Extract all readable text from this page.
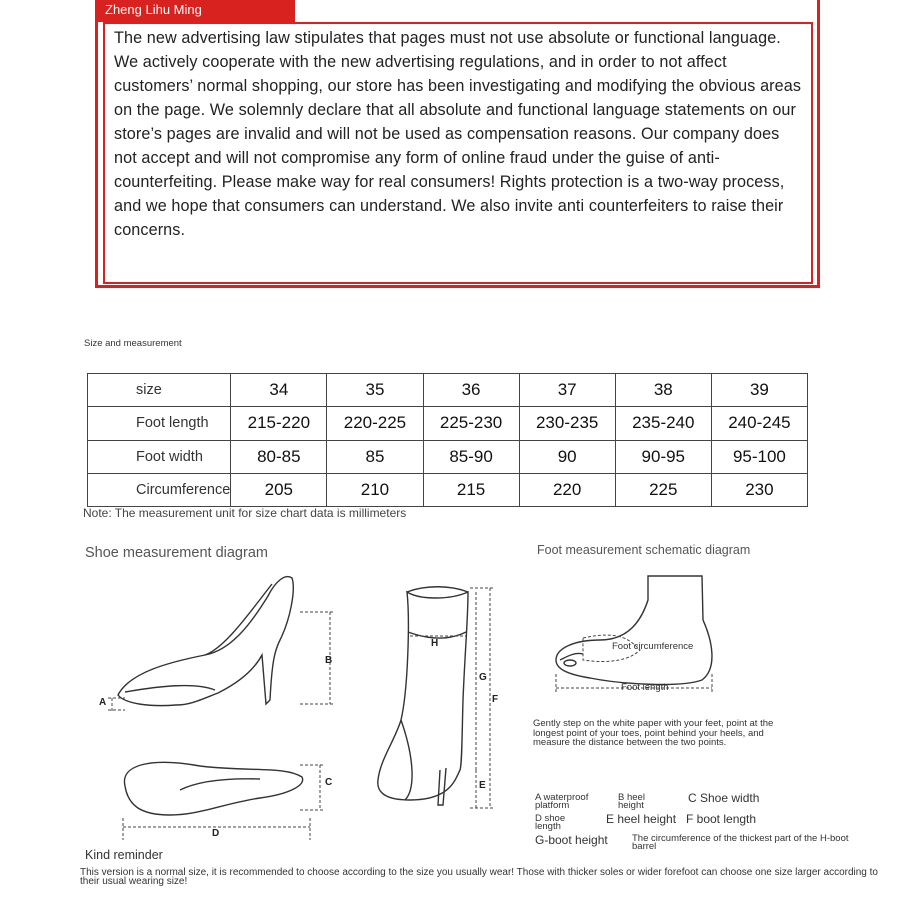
Zheng Lihu Ming
The new advertising law stipulates that pages must not use absolute or functional language. We actively cooperate with the new advertising regulations, and in order to not affect customers’ normal shopping, our store has been investigating and modifying the obvious areas on the page. We solemnly declare that all absolute and functional language statements on our store’s pages are invalid and will not be used as compensation reasons. Our company does not accept and will not compromise any form of online fraud under the guise of anti-counterfeiting. Please make way for real consumers! Rights protection is a two-way process, and we hope that consumers can understand. We also invite anti counterfeiters to raise their concerns.
Size and measurement
size	34	35	36	37	38	39
Foot length	215-220	220-225	225-230	230-235	235-240	240-245
Foot width	80-85	85	85-90	90	90-95	95-100
Circumference	205	210	215	220	225	230
Note: The measurement unit for size chart data is millimeters
Shoe measurement diagram	Foot measurement schematic diagram
B
A
C
D
H
G
F
E
Foot circumference
Foot length
Gently step on the white paper with your feet, point at the longest point of your toes, point behind your heels, and measure the distance between the two points.
A waterproof platform
B heel height
C Shoe width
D shoe length
E heel height F boot length
G-boot height	The circumference of the thickest part of the H-boot barrel
Kind reminder
This version is a normal size, it is recommended to choose according to the size you usually wear! Those with thicker soles or wider forefoot can choose one size larger according to their usual wearing size!
